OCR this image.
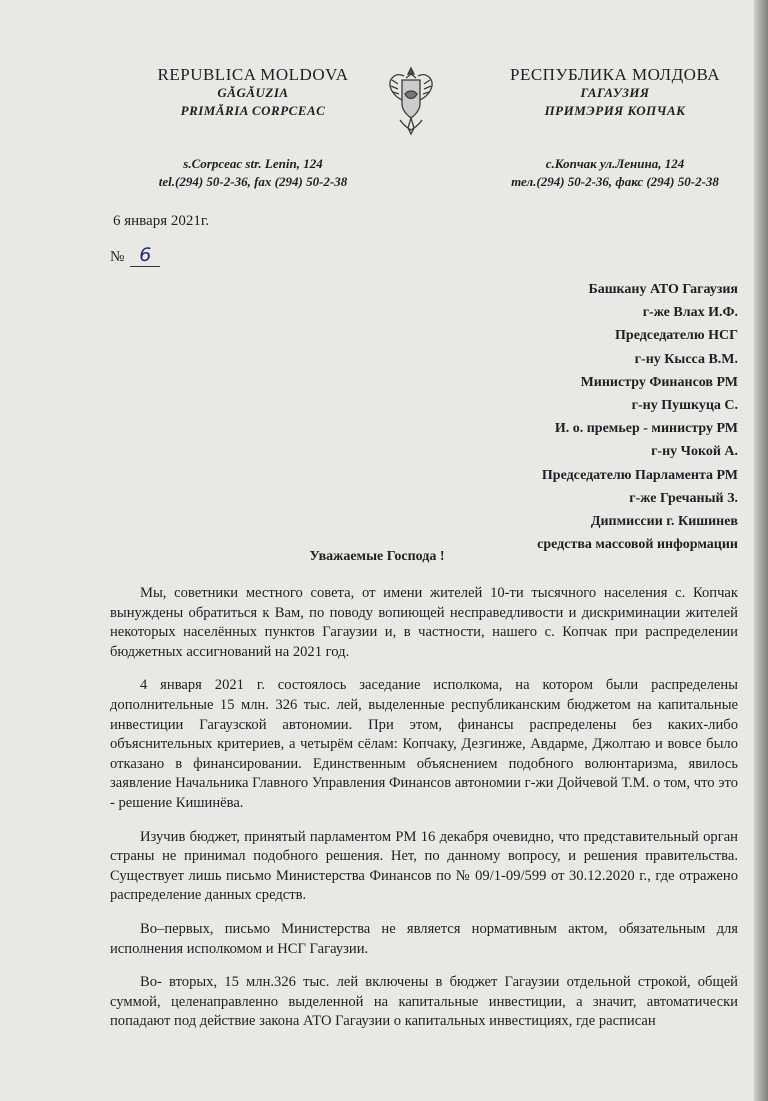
REPUBLICA MOLDOVA
GĂGĂUZIA
PRIMĂRIA CORPCEAC
РЕСПУБЛИКА МОЛДОВА
ГАГАУЗИЯ
ПРИМЭРИЯ КОПЧАК
s.Corpceac str. Lenin, 124
tel.(294) 50-2-36, fax (294) 50-2-38
с.Копчак ул.Ленина, 124
тел.(294) 50-2-36, факс (294) 50-2-38
6 января 2021г.
№ 6
Башкану АТО Гагаузия
г-же Влах И.Ф.
Председателю НСГ
г-ну Кысса В.М.
Министру Финансов РМ
г-ну Пушкуца С.
И. о. премьер - министру РМ
г-ну Чокой А.
Председателю Парламента РМ
г-же Гречаный З.
Дипмиссии г. Кишинев
средства массовой информации
Уважаемые Господа !

Мы, советники местного совета, от имени жителей 10-ти тысячного населения с. Копчак вынуждены обратиться к Вам, по поводу вопиющей несправедливости и дискриминации жителей некоторых населённых пунктов Гагаузии и, в частности, нашего с. Копчак при распределении бюджетных ассигнований на 2021 год.

4 января 2021 г. состоялось заседание исполкома, на котором были распределены дополнительные 15 млн. 326 тыс. лей, выделенные республиканским бюджетом на капитальные инвестиции Гагаузской автономии. При этом, финансы распределены без каких-либо объяснительных критериев, а четырём сёлам: Копчаку, Дезгинже, Авдарме, Джолтаю и вовсе было отказано в финансировании. Единственным объяснением подобного волюнтаризма, явилось заявление Начальника Главного Управления Финансов автономии г-жи Дойчевой Т.М. о том, что это - решение Кишинёва.

Изучив бюджет, принятый парламентом РМ 16 декабря очевидно, что представительный орган страны не принимал подобного решения. Нет, по данному вопросу, и решения правительства. Существует лишь письмо Министерства Финансов по № 09/1-09/599 от 30.12.2020 г., где отражено распределение данных средств.

Во–первых, письмо Министерства не является нормативным актом, обязательным для исполнения исполкомом и НСГ Гагаузии.

Во- вторых, 15 млн.326 тыс. лей включены в бюджет Гагаузии отдельной строкой, общей суммой, целенаправленно выделенной на капитальные инвестиции, а значит, автоматически попадают под действие закона АТО Гагаузии о капитальных инвестициях, где расписан
